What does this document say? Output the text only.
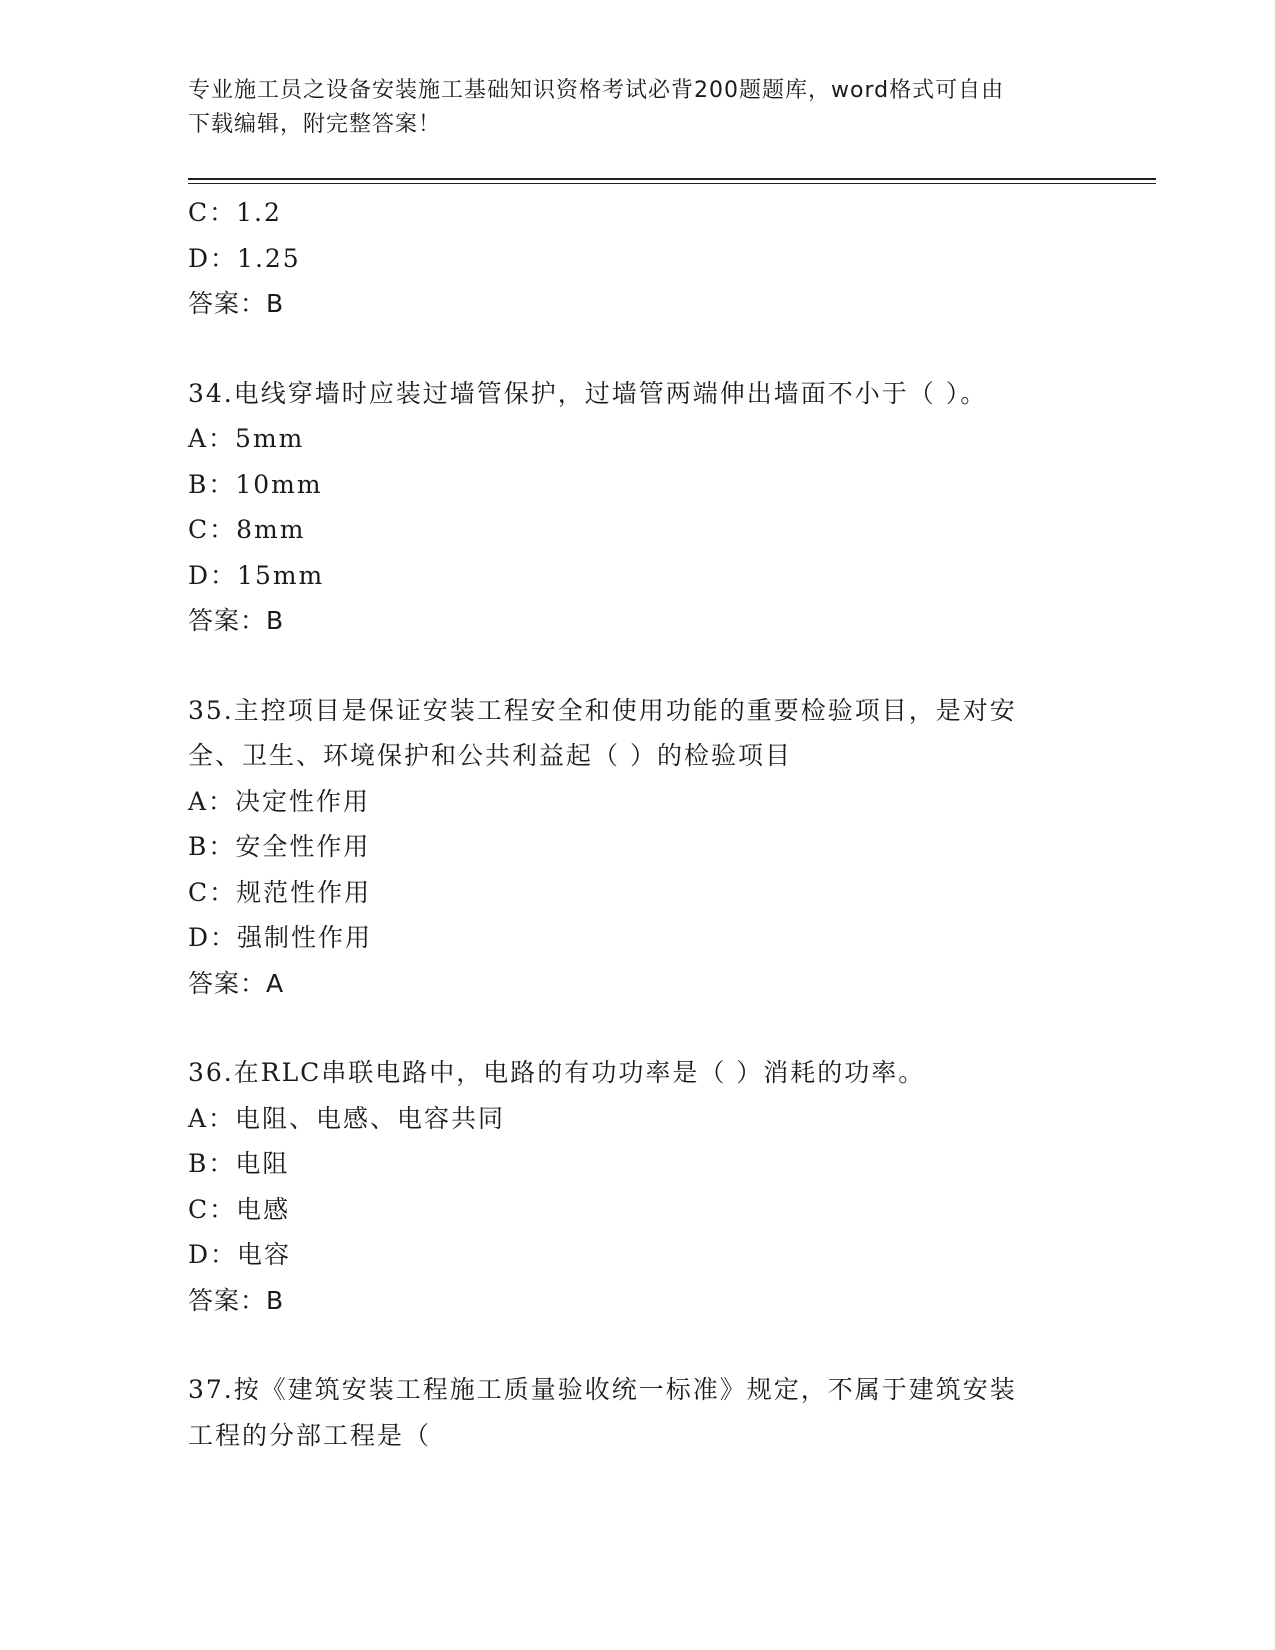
专业施工员之设备安装施工基础知识资格考试必背200题题库，word格式可自由
下载编辑，附完整答案！
C：1.2
D：1.25
答案：B
34.电线穿墙时应装过墙管保护，过墙管两端伸出墙面不小于（ ）。
A：5mm
B：10mm
C：8mm
D：15mm
答案：B
35.主控项目是保证安装工程安全和使用功能的重要检验项目，是对安
全、卫生、环境保护和公共利益起（ ）的检验项目
A：决定性作用
B：安全性作用
C：规范性作用
D：强制性作用
答案：A
36.在RLC串联电路中，电路的有功功率是（ ）消耗的功率。
A：电阻、电感、电容共同
B：电阻
C：电感
D：电容
答案：B
37.按《建筑安装工程施工质量验收统一标准》规定，不属于建筑安装
工程的分部工程是（
